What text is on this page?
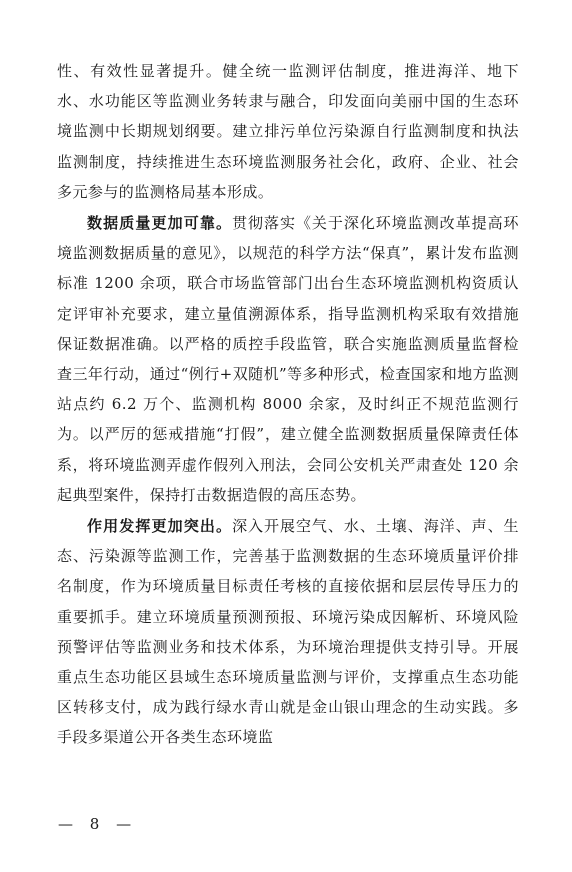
性、有效性显著提升。健全统一监测评估制度，推进海洋、地下水、水功能区等监测业务转隶与融合，印发面向美丽中国的生态环境监测中长期规划纲要。建立排污单位污染源自行监测制度和执法监测制度，持续推进生态环境监测服务社会化，政府、企业、社会多元参与的监测格局基本形成。

数据质量更加可靠。贯彻落实《关于深化环境监测改革提高环境监测数据质量的意见》，以规范的科学方法“保真”，累计发布监测标准 1200 余项，联合市场监管部门出台生态环境监测机构资质认定评审补充要求，建立量值溯源体系，指导监测机构采取有效措施保证数据准确。以严格的质控手段监管，联合实施监测质量监督检查三年行动，通过“例行+双随机”等多种形式，检查国家和地方监测站点约 6.2 万个、监测机构 8000 余家，及时纠正不规范监测行为。以严厉的惩戒措施“打假”，建立健全监测数据质量保障责任体系，将环境监测弄虚作假列入刑法，会同公安机关严肃查处 120 余起典型案件，保持打击数据造假的高压态势。

作用发挥更加突出。深入开展空气、水、土壤、海洋、声、生态、污染源等监测工作，完善基于监测数据的生态环境质量评价排名制度，作为环境质量目标责任考核的直接依据和层层传导压力的重要抓手。建立环境质量预测预报、环境污染成因解析、环境风险预警评估等监测业务和技术体系，为环境治理提供支持引导。开展重点生态功能区县域生态环境质量监测与评价，支撑重点生态功能区转移支付，成为践行绿水青山就是金山银山理念的生动实践。多手段多渠道公开各类生态环境监

— 8 —
